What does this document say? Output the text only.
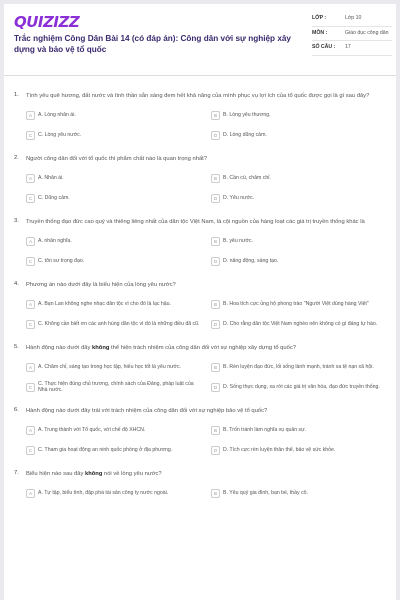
QUIZIZZ
Trắc nghiệm Công Dân Bài 14 (có đáp án): Công dân với sự nghiệp xây dựng và bảo vệ tổ quốc
LỚP :	Lớp 10
MÔN :	Giáo dục công dân
SỐ CÂU :	17
1. Tình yêu quê hương, đất nước và tình thần sẵn sàng đem hết khả năng của mình phục vụ lợi ích của tổ quốc được gọi là gì sau đây?
A	A. Lòng nhân ái.	B	B. Lòng yêu thương.
C	C. Lòng yêu nước.	D	D. Lòng dũng cảm.
2. Người công dân đối với tổ quốc thì phẩm chất nào là quan trọng nhất?
A	A. Nhân ái.	B	B. Cần cù, chăm chỉ.
C	C. Dũng cảm.	D	D. Yêu nước.
3. Truyền thống đạo đức cao quý và thiêng liêng nhất của dân tộc Việt Nam, là cội nguồn của hàng loạt các giá trị truyền thống khác là
A	A. nhân nghĩa.	B	B. yêu nước.
C	C. tôn sư trọng đạo.	D	D. năng động, sáng tạo.
4. Phương án nào dưới đây là biểu hiện của lòng yêu nước?
A	A. Bạn Lan không nghe nhạc dân tộc vì cho đó là lạc hậu.	B	B. Hoa tích cực ủng hộ phong trào "Người Việt dùng hàng Việt"
C	C. Không cần biết ơn các anh hùng dân tộc vì đó là những điều đã cũ.	D	D. Cho rằng dân tộc Việt Nam nghèo nên không có gì đáng tự hào.
5. Hành động nào dưới đây không thể hiện trách nhiệm của công dân đối với sự nghiệp xây dựng tổ quốc?
A	A. Chăm chỉ, sáng tạo trong học tập, hiếu học tốt là yêu nước.	B	B. Rèn luyện đạo đức, lối sống lành mạnh, tránh xa tệ nạn xã hội.
C
C. Thực hiện đúng chủ trương, chính sách của Đảng, pháp luật của Nhà nước.	D	D. Sống thực dụng, xa rời các giá trị văn hóa, đạo đức truyền thống.
6. Hành động nào dưới đây trái với trách nhiệm của công dân đối với sự nghiệp bảo vệ tổ quốc?
A	A. Trung thành với Tổ quốc, với chế độ XHCN.	B	B. Trốn tránh làm nghĩa vụ quân sự.
C	C. Tham gia hoạt động an ninh quốc phòng ở địa phương.	D	D. Tích cực rèn luyện thân thể, bảo vệ sức khỏe.
7. Biểu hiện nào sau đây không nói về lòng yêu nước?
A	A. Tự tập, biểu tình, đập phá tài sản công ty nước ngoài.	B	B. Yêu quý gia đình, bạn bè, thầy cô.
